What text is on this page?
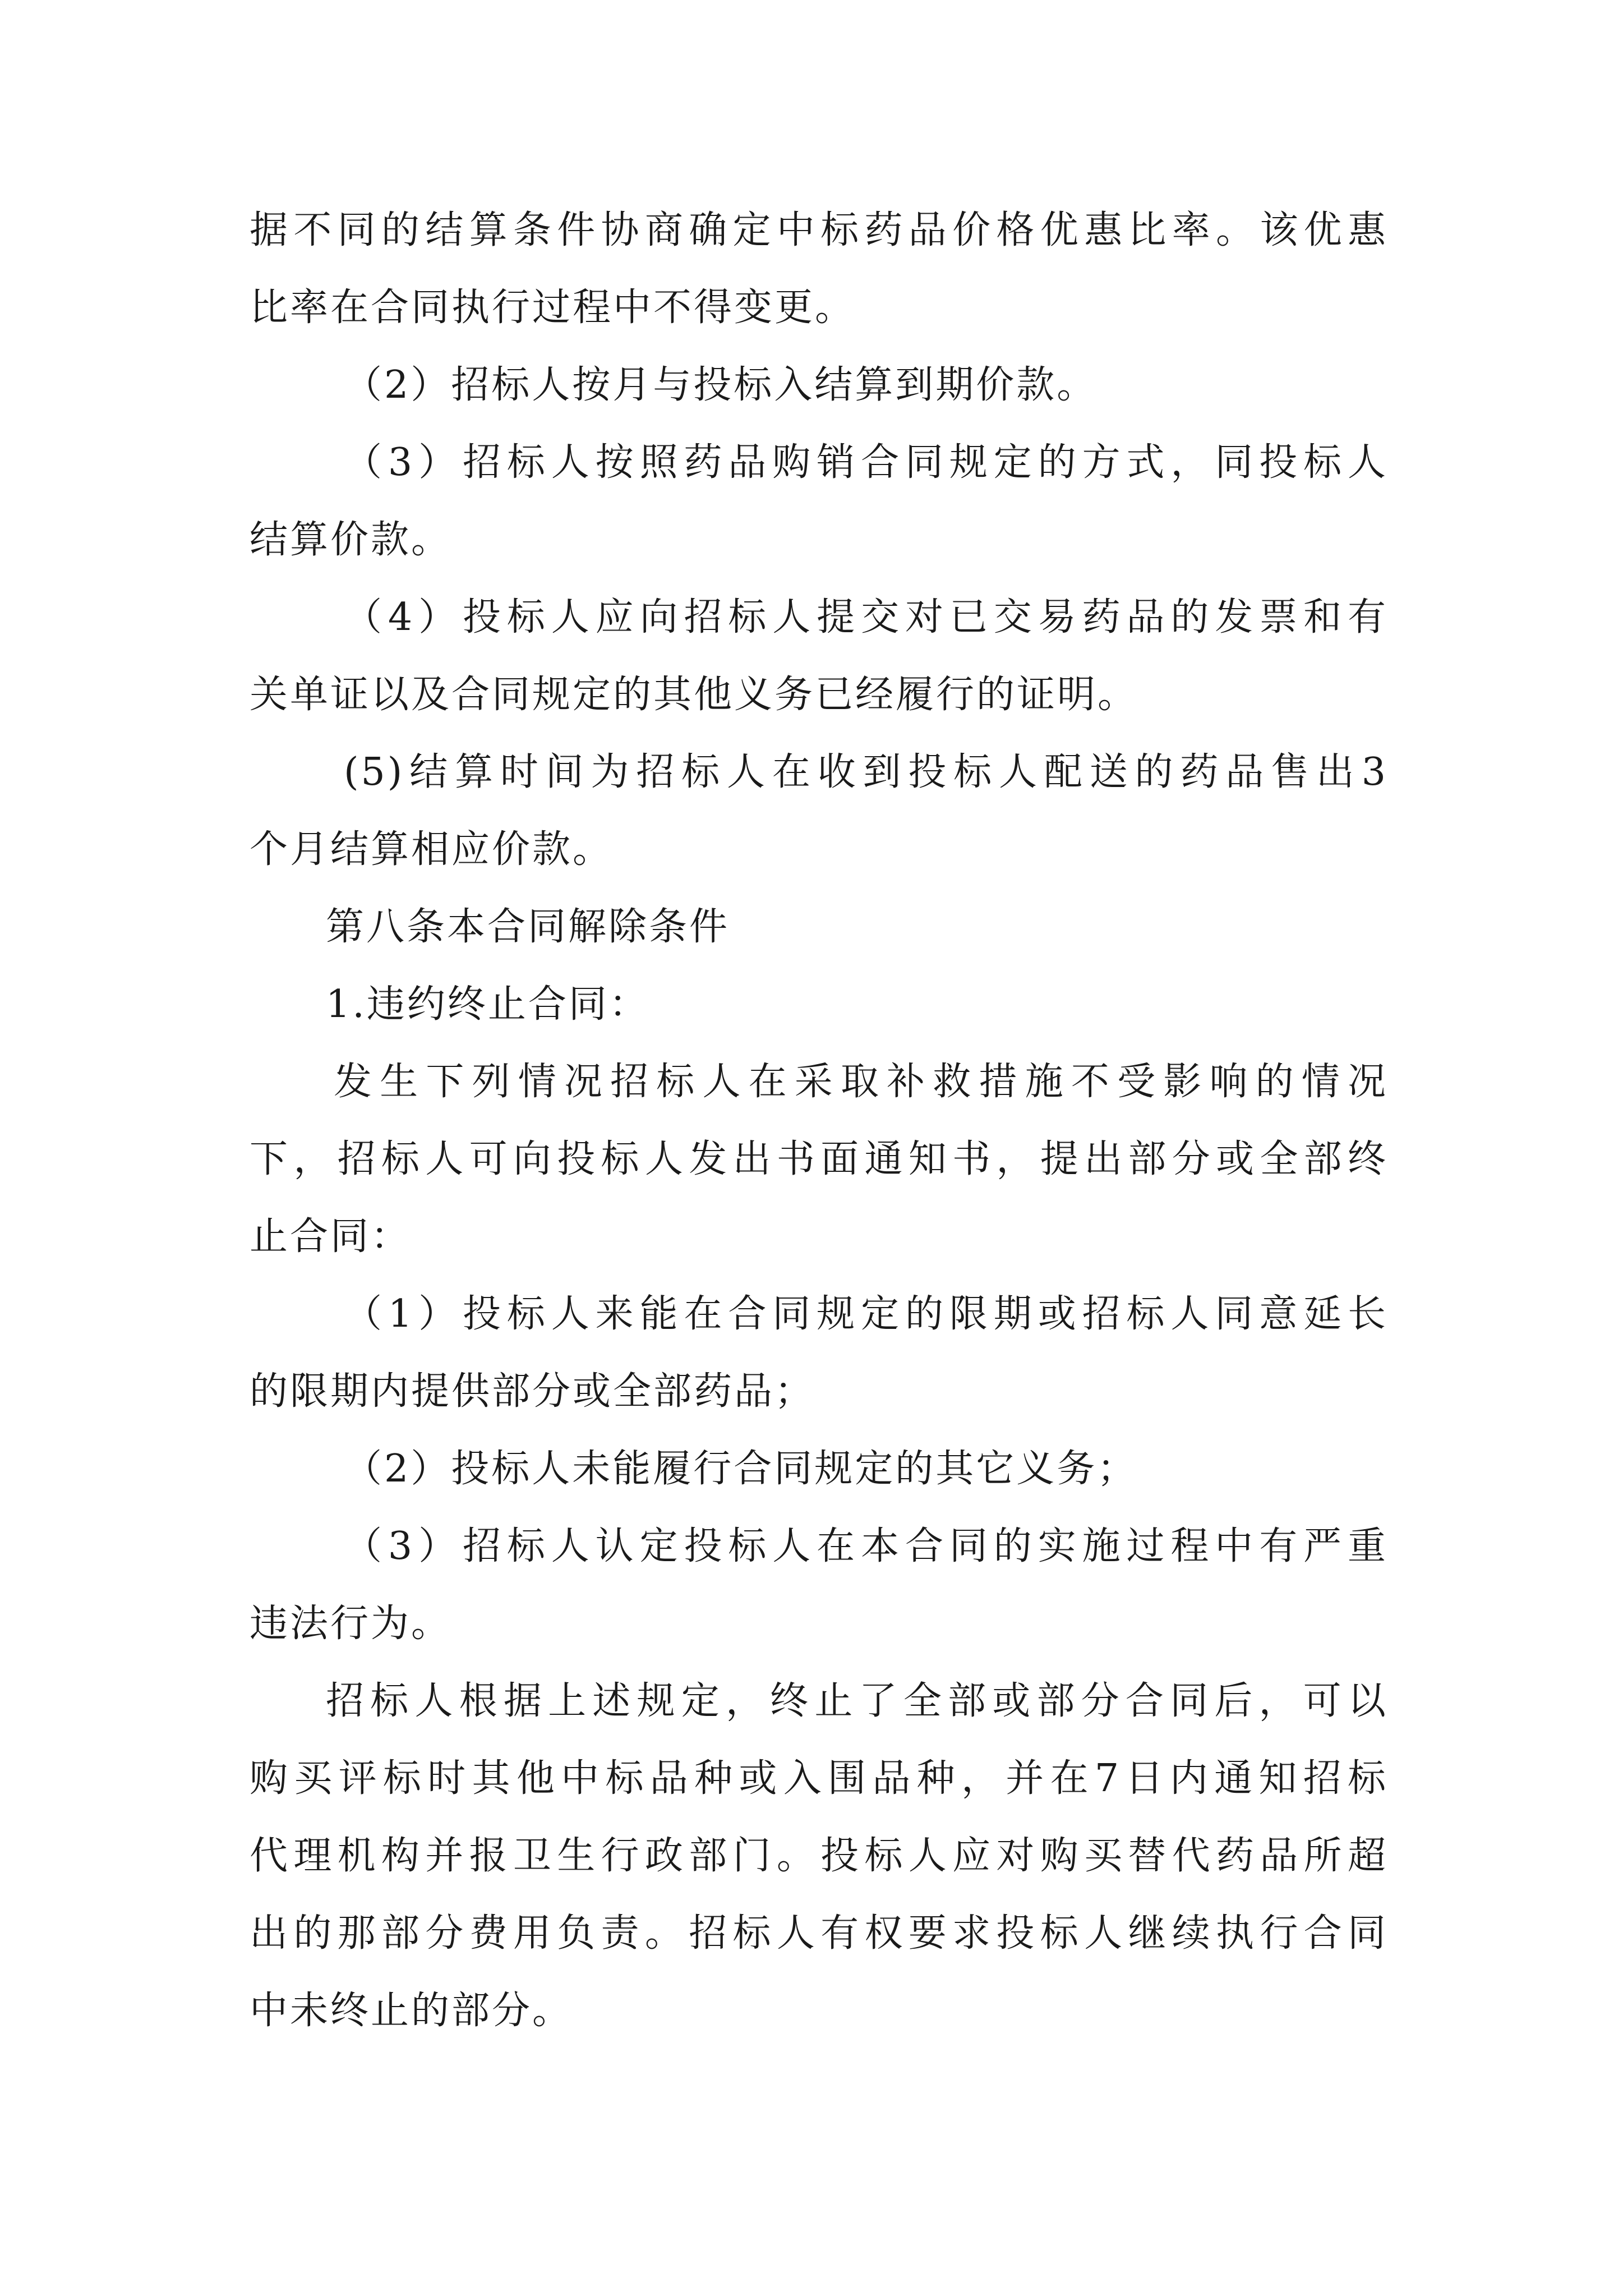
据不同的结算条件协商确定中标药品价格优惠比率。该优惠
比率在合同执行过程中不得变更。
（2）招标人按月与投标入结算到期价款。
（3）招标人按照药品购销合同规定的方式，同投标人
结算价款。
（4）投标人应向招标人提交对已交易药品的发票和有
关单证以及合同规定的其他义务已经履行的证明。
(5)结算时间为招标人在收到投标人配送的药品售出3
个月结算相应价款。
第八条本合同解除条件
1.违约终止合同：
发生下列情况招标人在采取补救措施不受影响的情况
下，招标人可向投标人发出书面通知书，提出部分或全部终
止合同：
（1）投标人来能在合同规定的限期或招标人同意延长
的限期内提供部分或全部药品；
（2）投标人未能履行合同规定的其它义务；
（3）招标人认定投标人在本合同的实施过程中有严重
违法行为。
招标人根据上述规定，终止了全部或部分合同后，可以
购买评标时其他中标品种或入围品种，并在7日内通知招标
代理机构并报卫生行政部门。投标人应对购买替代药品所超
出的那部分费用负责。招标人有权要求投标人继续执行合同
中未终止的部分。
